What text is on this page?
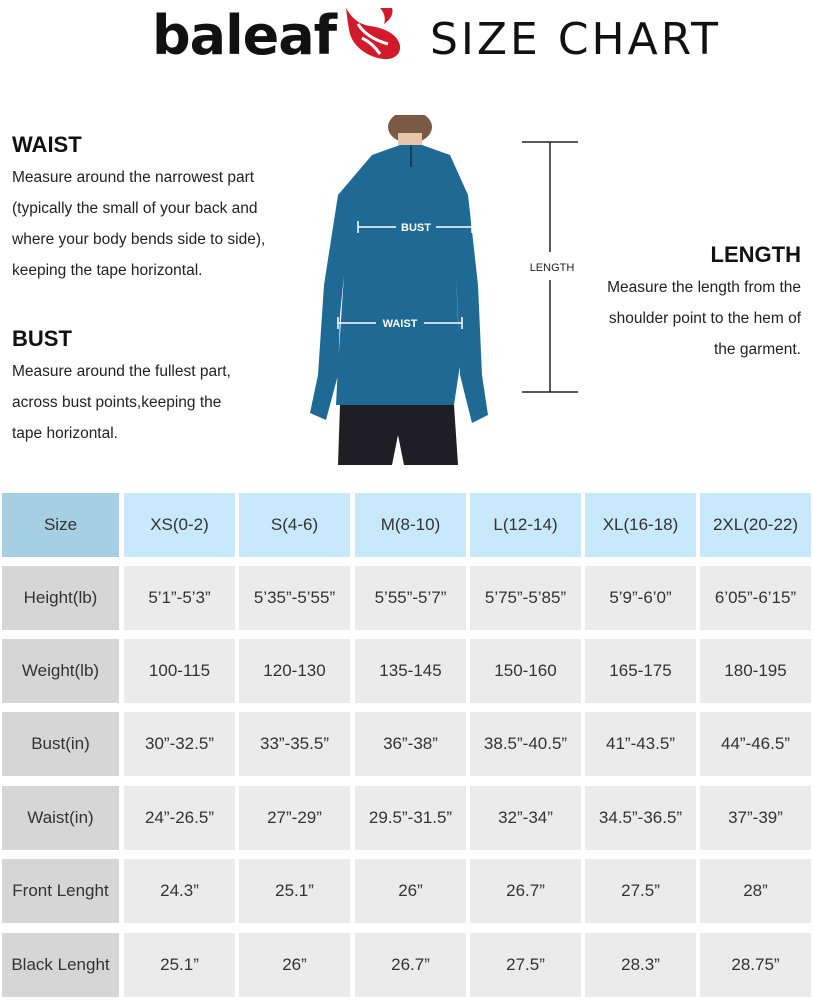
baleaf SIZE CHART
WAIST
Measure around the narrowest part
(typically the small of your back and
where your body bends side to side),
keeping the tape horizontal.
BUST
Measure around the fullest part,
across bust points,keeping the
tape horizontal.
LENGTH
Measure the length from the
shoulder point to the hem of
the garment.
BUST
WAIST
LENGTH
Size	XS(0-2)	S(4-6)	M(8-10)	L(12-14)	XL(16-18)	2XL(20-22)
Height(lb)	5’1”-5’3”	5’35”-5’55”	5’55”-5’7”	5’75”-5’85”	5’9”-6’0”	6’05”-6’15”
Weight(lb)	100-115	120-130	135-145	150-160	165-175	180-195
Bust(in)	30”-32.5”	33”-35.5”	36”-38”	38.5”-40.5”	41”-43.5”	44”-46.5”
Waist(in)	24”-26.5”	27”-29”	29.5”-31.5”	32”-34”	34.5”-36.5”	37”-39”
Front Lenght	24.3”	25.1”	26”	26.7”	27.5”	28”
Black Lenght	25.1”	26”	26.7”	27.5”	28.3”	28.75”
